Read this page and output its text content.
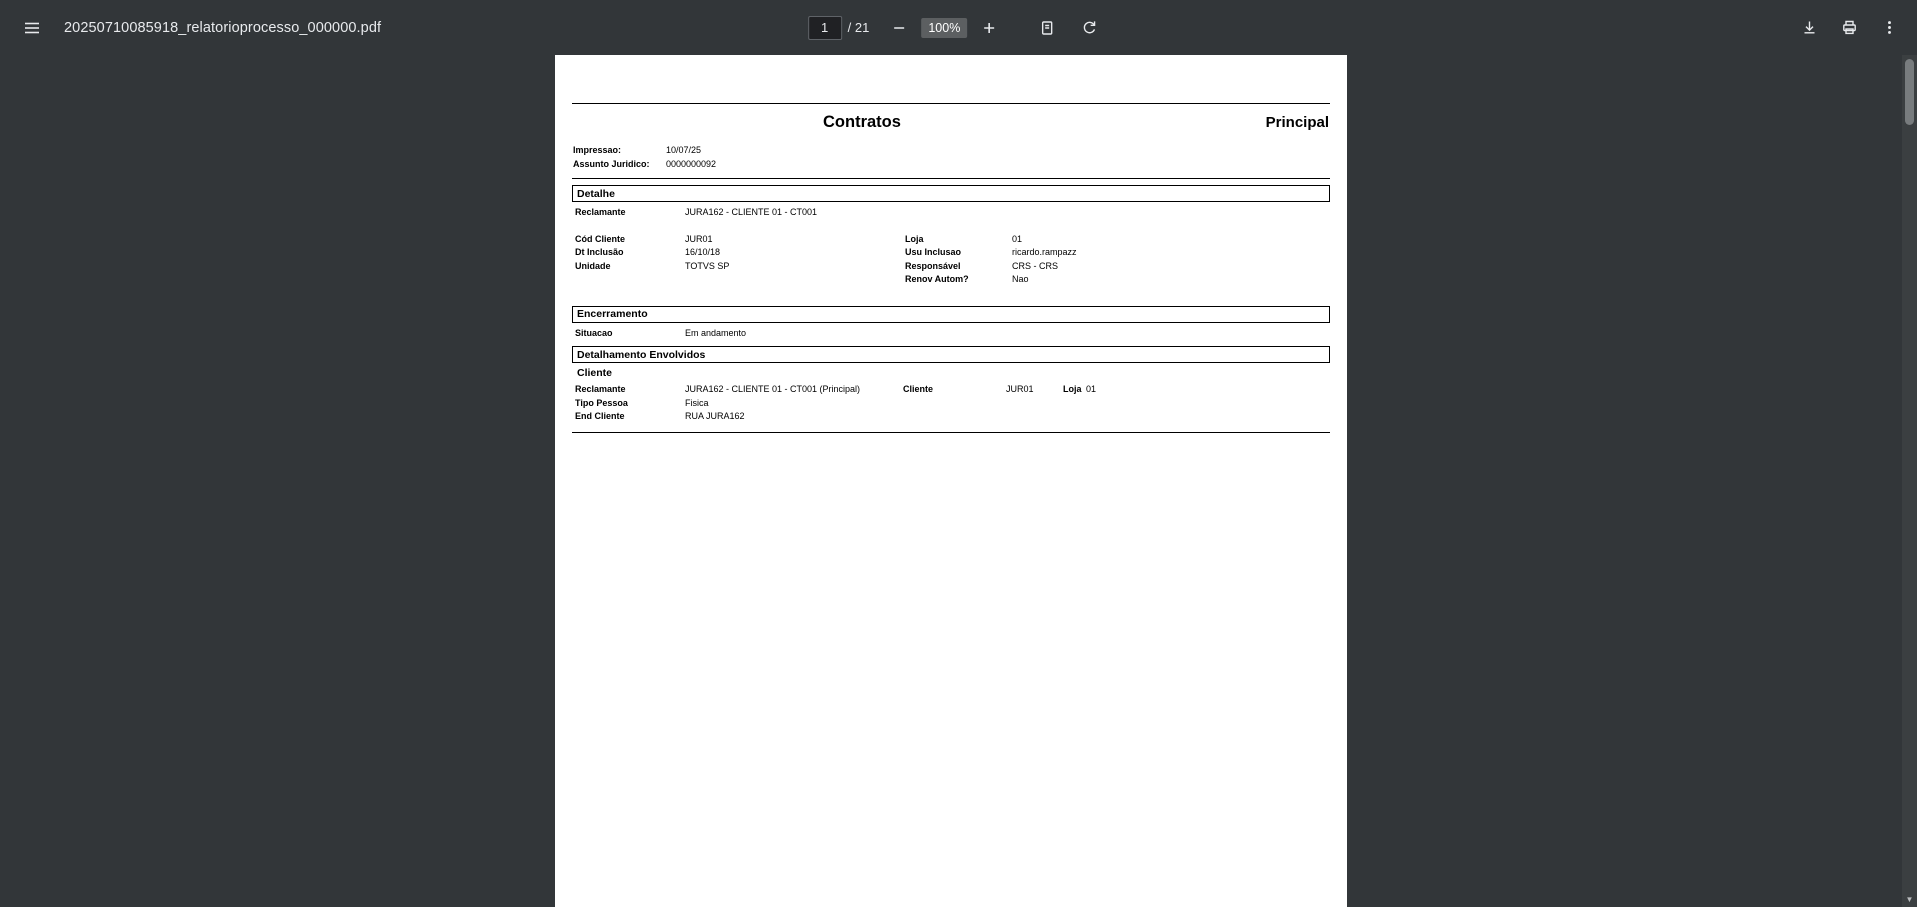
20250710085918_relatorioprocesso_000000.pdf
1	/ 21	100%
Contratos	Principal
Impressao:	10/07/25
Assunto Juridico:	0000000092
Detalhe
Reclamante	JURA162 - CLIENTE 01 - CT001
Cód Cliente	JUR01	Loja	01
Dt Inclusão	16/10/18	Usu Inclusao	ricardo.rampazz
Unidade	TOTVS SP	Responsável	CRS - CRS
Renov Autom?	Nao
Encerramento
Situacao	Em andamento
Detalhamento Envolvidos
Cliente
Reclamante	JURA162 - CLIENTE 01 - CT001 (Principal)	Cliente	JUR01	Loja 01
Tipo Pessoa	Fisica
End Cliente	RUA JURA162
▼
